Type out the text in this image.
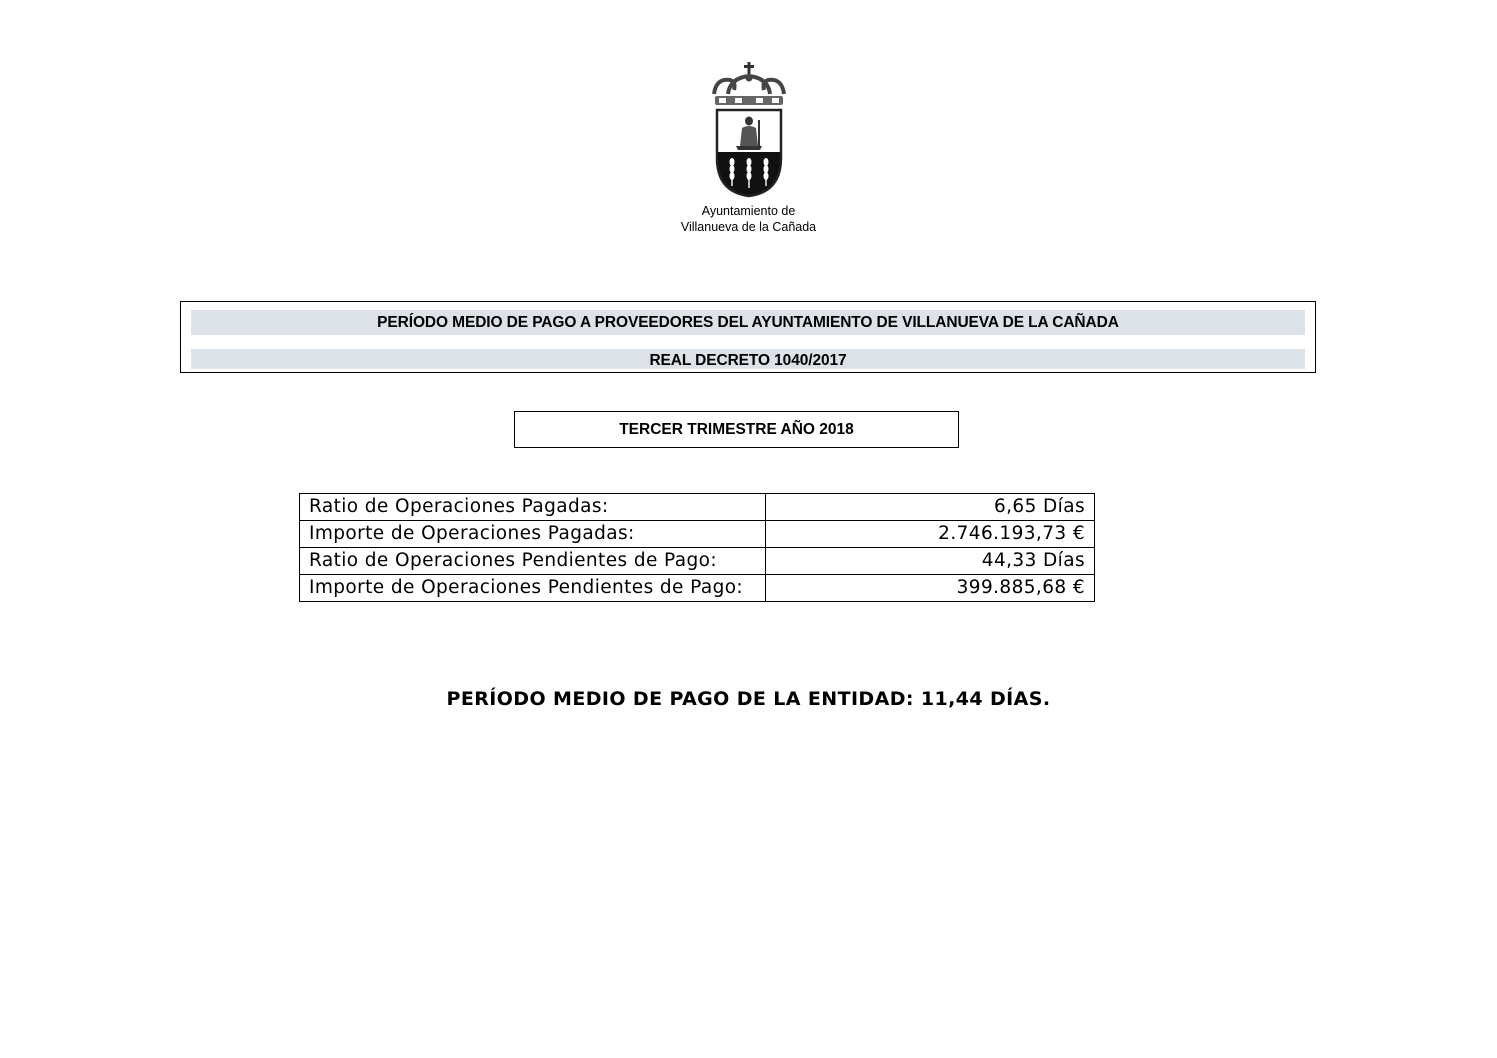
Ayuntamiento de
Villanueva de la Cañada
PERÍODO MEDIO DE PAGO A PROVEEDORES DEL AYUNTAMIENTO DE VILLANUEVA DE LA CAÑADA
REAL DECRETO 1040/2017
TERCER TRIMESTRE AÑO 2018
Ratio de Operaciones Pagadas:	6,65 Días
Importe de Operaciones Pagadas:	2.746.193,73 €
Ratio de Operaciones Pendientes de Pago:	44,33 Días
Importe de Operaciones Pendientes de Pago:	399.885,68 €
PERÍODO MEDIO DE PAGO DE LA ENTIDAD: 11,44 DÍAS.
